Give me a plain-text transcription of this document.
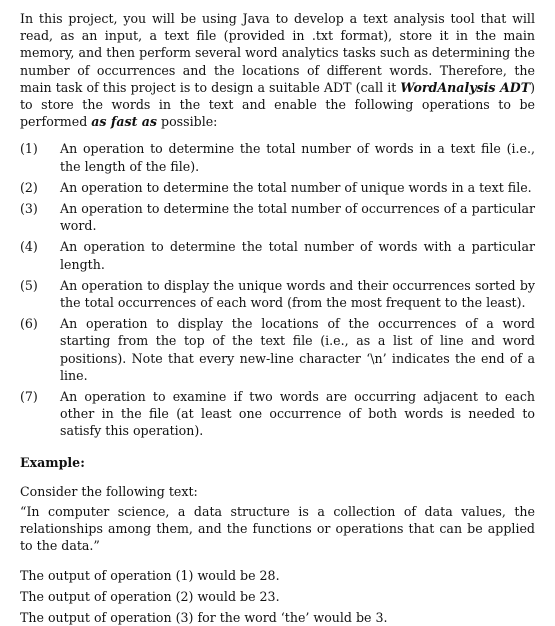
In this project, you will be using Java to develop a text analysis tool that will read, as an input, a text file (provided in .txt format), store it in the main memory, and then perform several word analytics tasks such as determining the number of occurrences and the locations of different words. Therefore, the main task of this project is to design a suitable ADT (call it WordAnalysis ADT) to store the words in the text and enable the following operations to be performed as fast as possible:

(1)	An operation to determine the total number of words in a text file (i.e., the length of the file).
(2)	An operation to determine the total number of unique words in a text file.
(3)	An operation to determine the total number of occurrences of a particular word.
(4)	An operation to determine the total number of words with a particular length.
(5)	An operation to display the unique words and their occurrences sorted by the total occurrences of each word (from the most frequent to the least).
(6)	An operation to display the locations of the occurrences of a word starting from the top of the text file (i.e., as a list of line and word positions). Note that every new-line character ‘\n’ indicates the end of a line.
(7)	An operation to examine if two words are occurring adjacent to each other in the file (at least one occurrence of both words is needed to satisfy this operation).

Example:

Consider the following text:

“In computer science, a data structure is a collection of data values, the relationships among them, and the functions or operations that can be applied to the data.”

The output of operation (1) would be 28.

The output of operation (2) would be 23.

The output of operation (3) for the word ‘the’ would be 3.
